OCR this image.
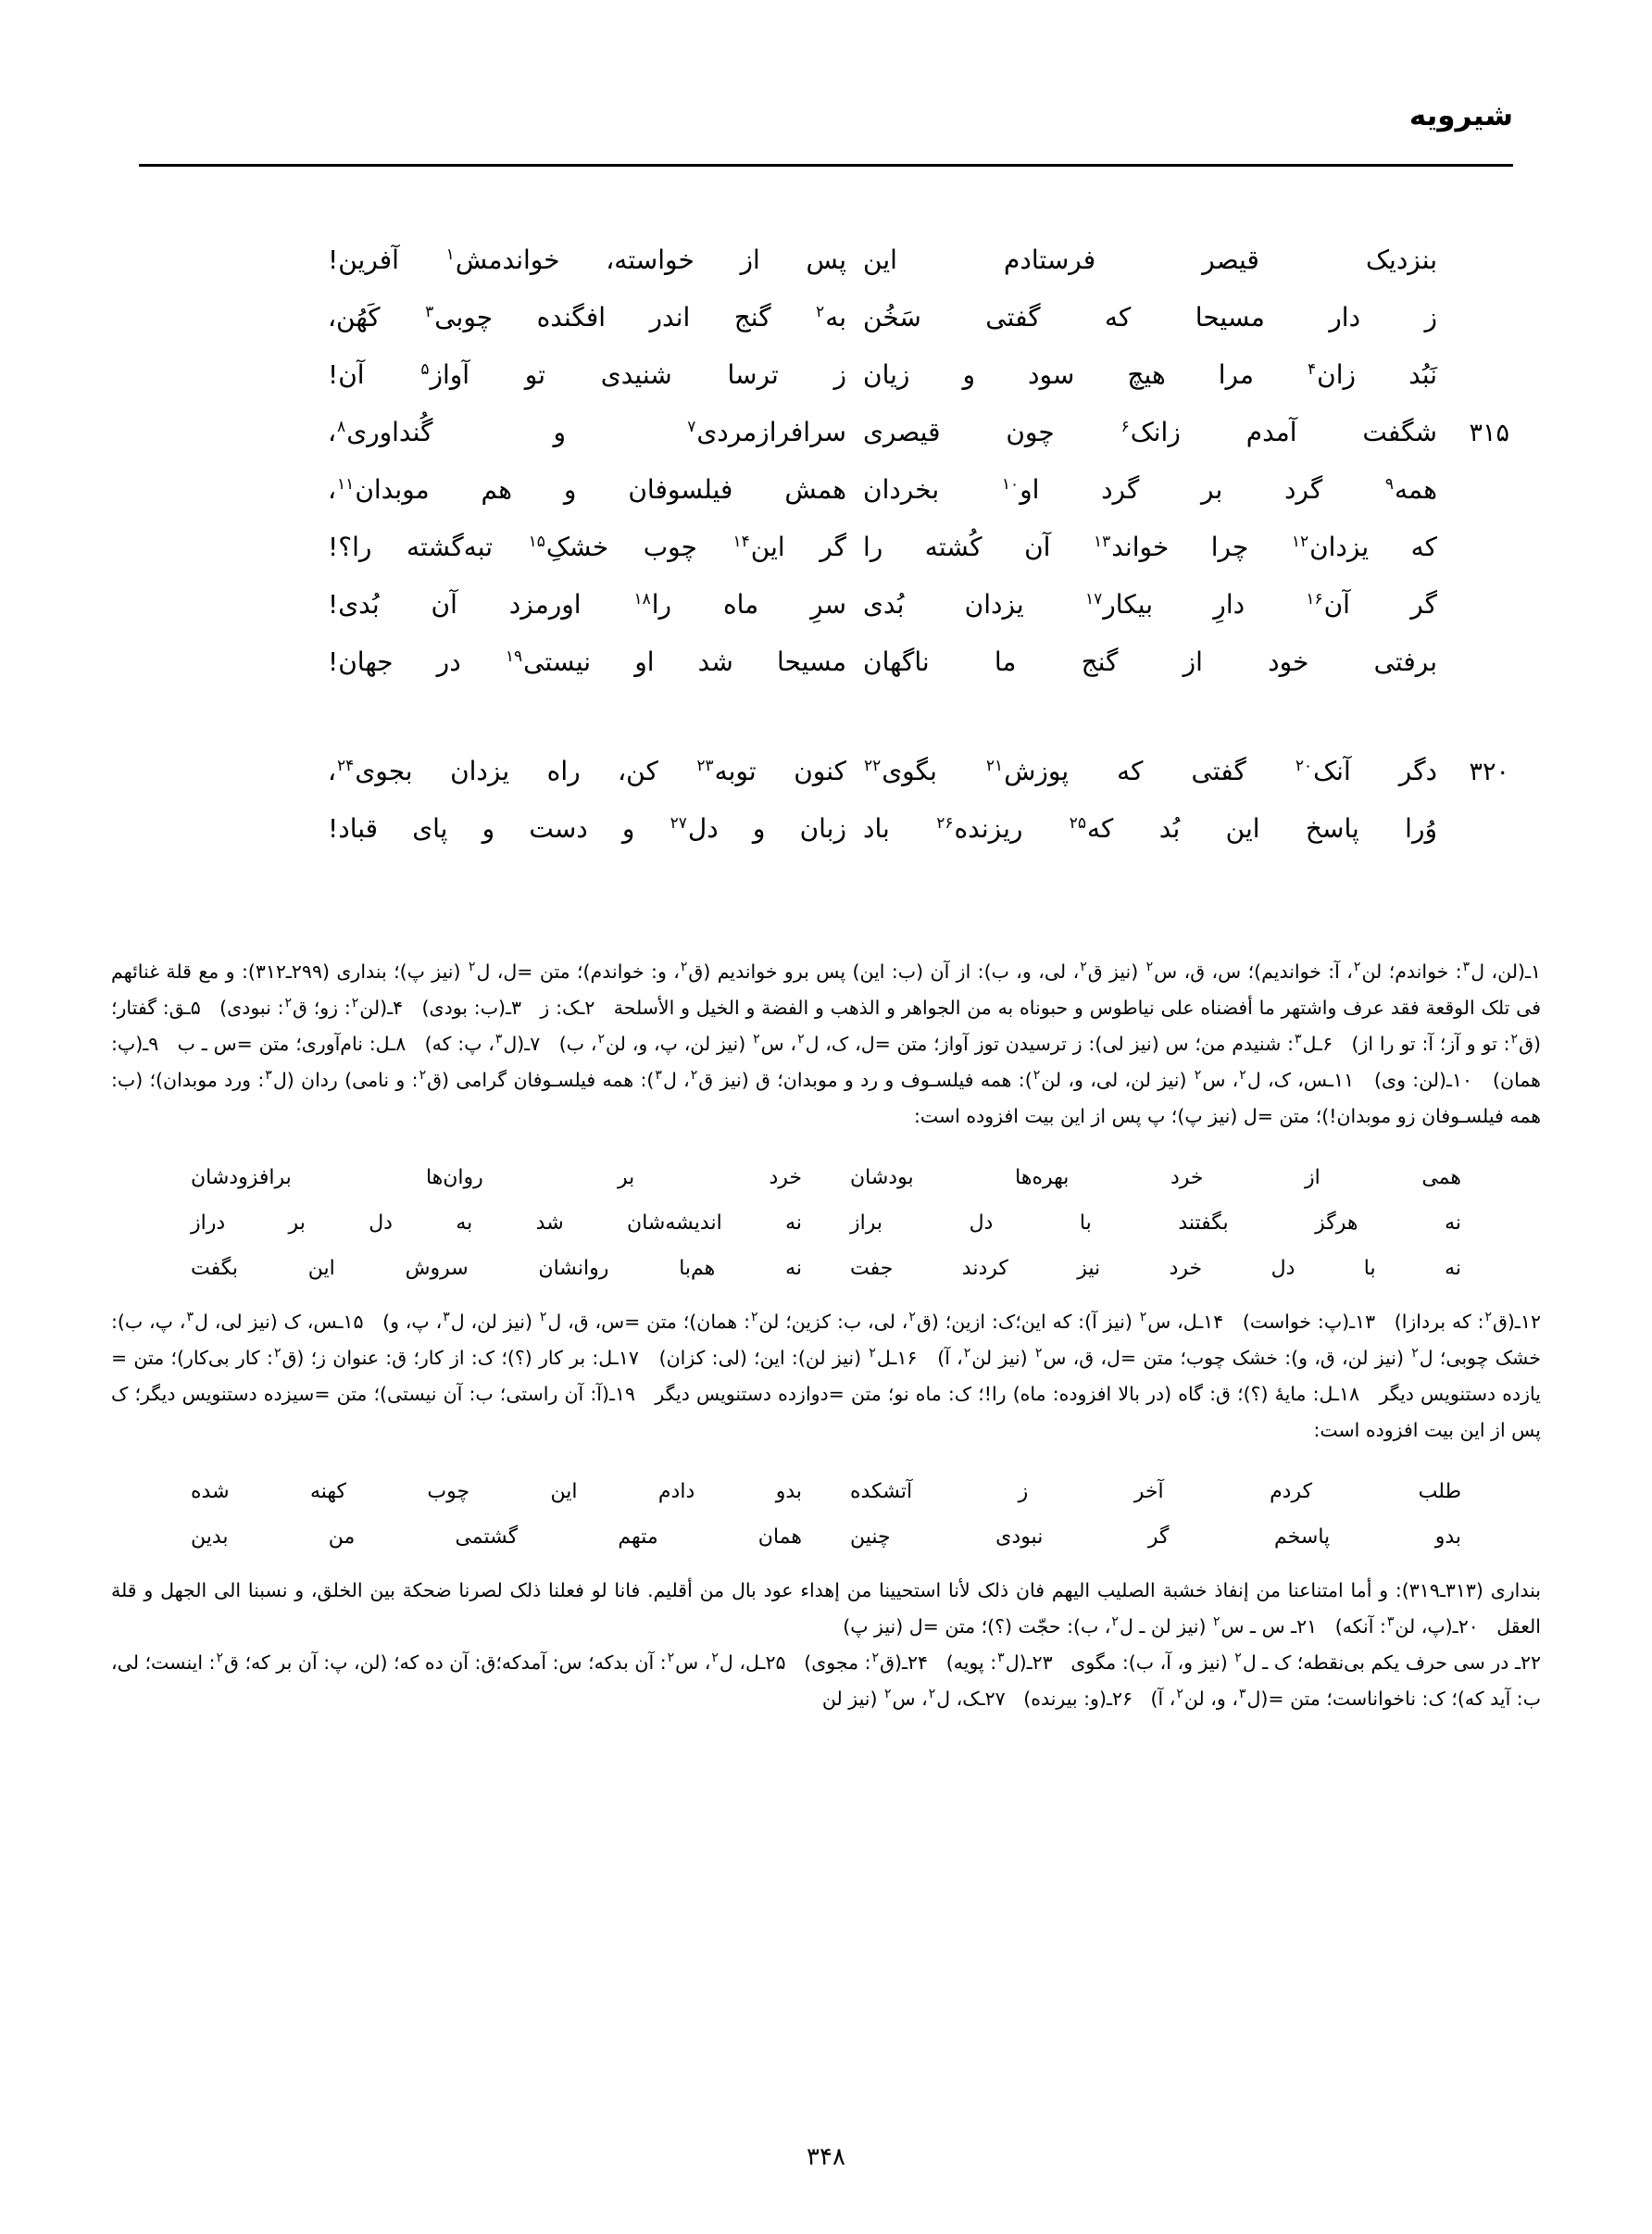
شیرویه
بنزدیک قیصر فرستادم این
پس از خواسته، خواندمش$^۱$ آفرین!
ز دار مسیحا که گفتی سَخُن
به$^۲$ گنج اندر افگنده چوبی$^۳$ کَهُن،
نَبُد زان$^۴$ مرا هیچ سود و زیان
ز ترسا شنیدی تو آواز$^۵$ آن!
۳۱۵
شگفت آمدم زانک$^۶$ چون قیصری
سرافرازمردی$^۷$ و گُنداوری$^۸$،
همه$^۹$ گرد بر گرد او$^{۱۰}$ بخردان
همش فیلسوفان و هم موبدان$^{۱۱}$،
که یزدان$^{۱۲}$ چرا خواند$^{۱۳}$ آن کُشته را
گر این$^{۱۴}$ چوب خشکِ$^{۱۵}$ تبه‌گشته را؟!
گر آن$^{۱۶}$ دارِ بیکار$^{۱۷}$ یزدان بُدی
سرِ ماه را$^{۱۸}$ اورمزد آن بُدی!
برفتی خود از گنج ما ناگهان
مسیحا شد او نیستی$^{۱۹}$ در جهان!
۳۲۰
دگر آنک$^{۲۰}$ گفتی که پوزش$^{۲۱}$ بگوی$^{۲۲}$
کنون توبه$^{۲۳}$ کن، راه یزدان بجوی$^{۲۴}$،
وُرا پاسخ این بُد که$^{۲۵}$ ریزنده$^{۲۶}$ باد
زبان و دل$^{۲۷}$ و دست و پای قباد!

۱ـ(لن، ل$^۳$: خواندم؛ لن$^۲$، آ: خواندیم)؛ س، ق، س$^۲$ (نیز ق$^۲$، لی، و، ب): از آن (ب: این) پس برو خواندیم (ق$^۲$، و: خواندم)؛ متن =ل، ل$^۲$ (نیز پ)؛ بنداری (۲۹۹ـ۳۱۲): و مع قلة غنائهم فی تلک الوقعة فقد عرف واشتهر ما أفضناه علی نیاطوس و حبوناه به من الجواهر و الذهب و الفضة و الخیل و الأسلحة   ۲ـک: ز   ۳ـ(ب: بودی)   ۴ـ(لن$^۲$: زو؛ ق$^۲$: نبودی)   ۵ـق: گفتار؛ (ق$^۲$: تو و آز؛ آ: تو را از)   ۶ـل$^۳$: شنیدم من؛ س (نیز لی): ز ترسیدن توز آواز؛ متن =ل، ک، ل$^۲$، س$^۲$ (نیز لن، پ، و، لن$^۲$، ب)   ۷ـ(ل$^۳$، پ: که)   ۸ـل: نام‌آوری؛ متن =س ـ ب   ۹ـ(پ: همان)   ۱۰ـ(لن: وی)   ۱۱ـس، ک، ل$^۲$، س$^۲$ (نیز لن، لی، و، لن$^۲$): همه فیلسـوف و رد و موبدان؛ ق (نیز ق$^۲$، ل$^۳$): همه فیلسـوفان گرامی (ق$^۲$: و نامی) ردان (ل$^۳$: ورد موبدان)؛ (ب: همه فیلسـوفان زو موبدان!)؛ متن =ل (نیز پ)؛ پ پس از این بیت افزوده است:

همی از خرد بهره‌ها بودشان
خرد بر روان‌ها برافزودشان
نه هرگز بگفتند با دل براز
نه اندیشه‌شان شد به دل بر دراز
نه با دل خرد نیز کردند جفت
نه هم‌با روانشان سروش این بگفت

۱۲ـ(ق$^۲$: که بردازا)   ۱۳ـ(پ: خواست)   ۱۴ـل، س$^۲$ (نیز آ): که این؛ک: ازین؛ (ق$^۲$، لی، ب: کزین؛ لن$^۲$: همان)؛ متن =س، ق، ل$^۲$ (نیز لن، ل$^۳$، پ، و)   ۱۵ـس، ک (نیز لی، ل$^۳$، پ، ب): خشک چوبی؛ ل$^۲$ (نیز لن، ق، و): خشک چوب؛ متن =ل، ق، س$^۲$ (نیز لن$^۲$، آ)   ۱۶ـل$^۲$ (نیز لن): این؛ (لی: کزان)   ۱۷ـل: بر کار (؟)؛ ک: از کار؛ ق: عنوان ز؛ (ق$^۲$: کار بی‌کار)؛ متن = یازده دستنویس دیگر   ۱۸ـل: مایهٔ (؟)؛ ق: گاه (در بالا افزوده: ماه) را!؛ ک: ماه نو؛ متن =دوازده دستنویس دیگر   ۱۹ـ(آ: آن راستی؛ ب: آن نیستی)؛ متن =سیزده دستنویس دیگر؛ ک پس از این بیت افزوده است:

طلب کردم آخر ز آتشکده
بدو دادم این چوب کهنه شده
بدو پاسخم گر نبودی چنین
همان متهم گشتمی من بدین

بنداری (۳۱۳ـ۳۱۹): و أما امتناعنا من إنفاذ خشبة الصلیب الیهم فان ذلک لأنا استحیینا من إهداء عود بال من أقلیم. فانا لو فعلنا ذلک لصرنا ضحکة بین الخلق، و نسبنا الی الجهل و قلة العقل   ۲۰ـ(پ، لن$^۳$: آنکه)   ۲۱ـ س ـ س$^۲$ (نیز لن ـ ل$^۲$، ب): حجّت (؟)؛ متن =ل (نیز پ)

۲۲ـ در سی حرف یکم بی‌نقطه؛ ک ـ ل$^۲$ (نیز و، آ، ب): مگوی   ۲۳ـ(ل$^۳$: پویه)   ۲۴ـ(ق$^۲$: مجوی)   ۲۵ـل، ل$^۲$، س$^۲$: آن بدکه؛ س: آمدکه؛ق: آن ده که؛ (لن، پ: آن بر که؛ ق$^۲$: اینست؛ لی، ب: آید که)؛ ک: ناخواناست؛ متن =(ل$^۳$، و، لن$^۲$، آ)   ۲۶ـ(و: بیرنده)   ۲۷ـک، ل$^۲$، س$^۲$ (نیز لن

۳۴۸
